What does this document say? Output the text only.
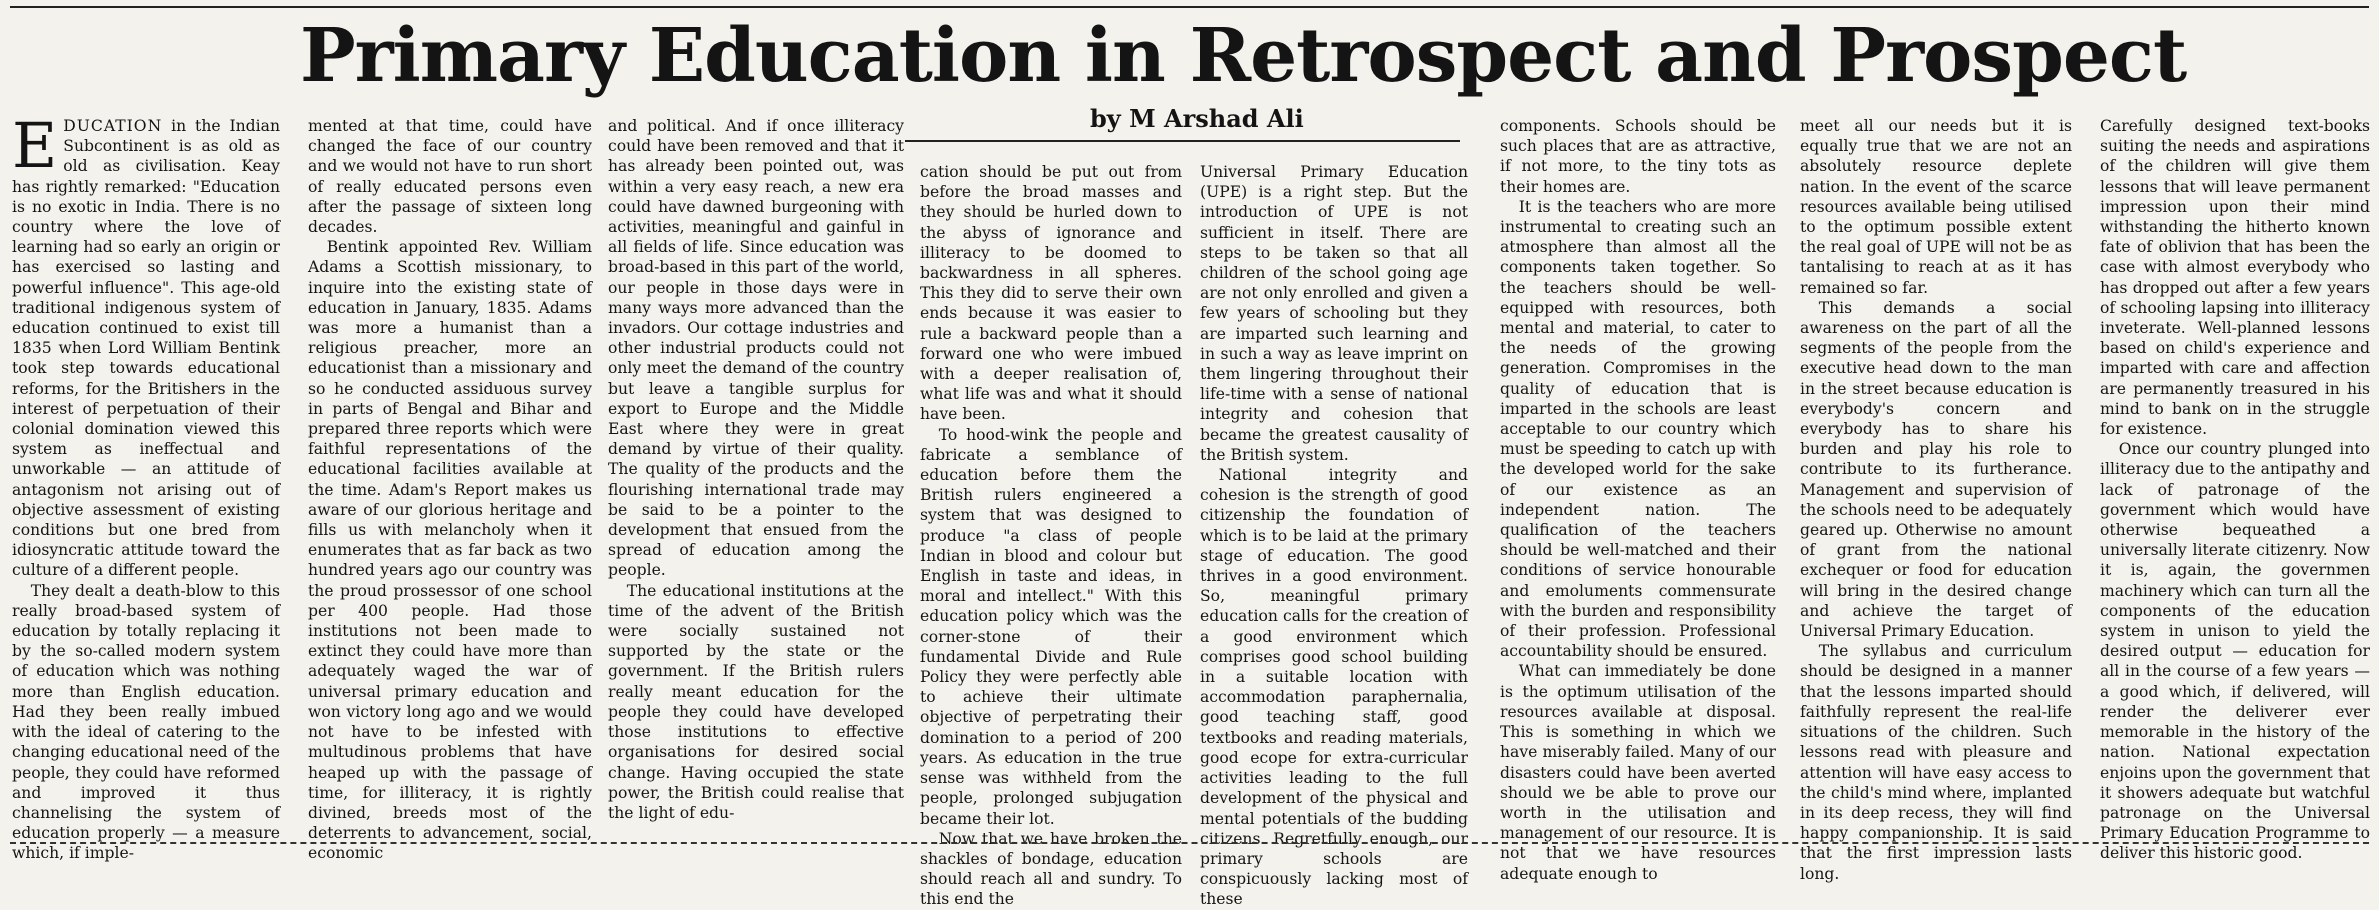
Primary Education in Retrospect and Prospect
by M Arshad Ali

EDUCATION in the Indian Subcontinent is as old as old as civilisation. Keay has rightly remarked: "Education is no exotic in India. There is no country where the love of learning had so early an origin or has exercised so lasting and powerful influence". This age-old traditional indigenous system of education continued to exist till 1835 when Lord William Bentink took step towards educational reforms, for the Britishers in the interest of perpetuation of their colonial domination viewed this system as ineffectual and unworkable — an attitude of antagonism not arising out of objective assessment of existing conditions but one bred from idiosyncratic attitude toward the culture of a different people.

They dealt a death-blow to this really broad-based system of education by totally replacing it by the so-called modern system of education which was nothing more than English education. Had they been really imbued with the ideal of catering to the changing educational need of the people, they could have reformed and improved it thus channelising the system of education properly — a measure which, if imple-

mented at that time, could have changed the face of our country and we would not have to run short of really educated persons even after the passage of sixteen long decades.

Bentink appointed Rev. William Adams a Scottish missionary, to inquire into the existing state of education in January, 1835. Adams was more a humanist than a religious preacher, more an educationist than a missionary and so he conducted assiduous survey in parts of Bengal and Bihar and prepared three reports which were faithful representations of the educational facilities available at the time. Adam's Report makes us aware of our glorious heritage and fills us with melancholy when it enumerates that as far back as two hundred years ago our country was the proud prossessor of one school per 400 people. Had those institutions not been made to extinct they could have more than adequately waged the war of universal primary education and won victory long ago and we would not have to be infested with multudinous problems that have heaped up with the passage of time, for illiteracy, it is rightly divined, breeds most of the deterrents to advancement, social, economic

and political. And if once illiteracy could have been removed and that it has already been pointed out, was within a very easy reach, a new era could have dawned burgeoning with activities, meaningful and gainful in all fields of life. Since education was broad-based in this part of the world, our people in those days were in many ways more advanced than the invadors. Our cottage industries and other industrial products could not only meet the demand of the country but leave a tangible surplus for export to Europe and the Middle East where they were in great demand by virtue of their quality. The quality of the products and the flourishing international trade may be said to be a pointer to the development that ensued from the spread of education among the people.

The educational institutions at the time of the advent of the British were socially sustained not supported by the state or the government. If the British rulers really meant education for the people they could have developed those institutions to effective organisations for desired social change. Having occupied the state power, the British could realise that the light of edu-

cation should be put out from before the broad masses and they should be hurled down to the abyss of ignorance and illiteracy to be doomed to backwardness in all spheres. This they did to serve their own ends because it was easier to rule a backward people than a forward one who were imbued with a deeper realisation of, what life was and what it should have been.

To hood-wink the people and fabricate a semblance of education before them the British rulers engineered a system that was designed to produce "a class of people Indian in blood and colour but English in taste and ideas, in moral and intellect." With this education policy which was the corner-stone of their fundamental Divide and Rule Policy they were perfectly able to achieve their ultimate objective of perpetrating their domination to a period of 200 years. As education in the true sense was withheld from the people, prolonged subjugation became their lot.

Now that we have broken the shackles of bondage, education should reach all and sundry. To this end the

Universal Primary Education (UPE) is a right step. But the introduction of UPE is not sufficient in itself. There are steps to be taken so that all children of the school going age are not only enrolled and given a few years of schooling but they are imparted such learning and in such a way as leave imprint on them lingering throughout their life-time with a sense of national integrity and cohesion that became the greatest causality of the British system.

National integrity and cohesion is the strength of good citizenship the foundation of which is to be laid at the primary stage of education. The good thrives in a good environment. So, meaningful primary education calls for the creation of a good environment which comprises good school building in a suitable location with accommodation paraphernalia, good teaching staff, good textbooks and reading materials, good ecope for extra-curricular activities leading to the full development of the physical and mental potentials of the budding citizens. Regretfully enough, our primary schools are conspicuously lacking most of these

components. Schools should be such places that are as attractive, if not more, to the tiny tots as their homes are.

It is the teachers who are more instrumental to creating such an atmosphere than almost all the components taken together. So the teachers should be well-equipped with resources, both mental and material, to cater to the needs of the growing generation. Compromises in the quality of education that is imparted in the schools are least acceptable to our country which must be speeding to catch up with the developed world for the sake of our existence as an independent nation. The qualification of the teachers should be well-matched and their conditions of service honourable and emoluments commensurate with the burden and responsibility of their profession. Professional accountability should be ensured.

What can immediately be done is the optimum utilisation of the resources available at disposal. This is something in which we have miserably failed. Many of our disasters could have been averted should we be able to prove our worth in the utilisation and management of our resource. It is not that we have resources adequate enough to

meet all our needs but it is equally true that we are not an absolutely resource deplete nation. In the event of the scarce resources available being utilised to the optimum possible extent the real goal of UPE will not be as tantalising to reach at as it has remained so far.

This demands a social awareness on the part of all the segments of the people from the executive head down to the man in the street because education is everybody's concern and everybody has to share his burden and play his role to contribute to its furtherance. Management and supervision of the schools need to be adequately geared up. Otherwise no amount of grant from the national exchequer or food for education will bring in the desired change and achieve the target of Universal Primary Education.

The syllabus and curriculum should be designed in a manner that the lessons imparted should faithfully represent the real-life situations of the children. Such lessons read with pleasure and attention will have easy access to the child's mind where, implanted in its deep recess, they will find happy companionship. It is said that the first impression lasts long.

Carefully designed text-books suiting the needs and aspirations of the children will give them lessons that will leave permanent impression upon their mind withstanding the hitherto known fate of oblivion that has been the case with almost everybody who has dropped out after a few years of schooling lapsing into illiteracy inveterate. Well-planned lessons based on child's experience and imparted with care and affection are permanently treasured in his mind to bank on in the struggle for existence.

Once our country plunged into illiteracy due to the antipathy and lack of patronage of the government which would have otherwise bequeathed a universally literate citizenry. Now it is, again, the governmen machinery which can turn all the components of the education system in unison to yield the desired output — education for all in the course of a few years — a good which, if delivered, will render the deliverer ever memorable in the history of the nation. National expectation enjoins upon the government that it showers adequate but watchful patronage on the Universal Primary Education Programme to deliver this historic good.
